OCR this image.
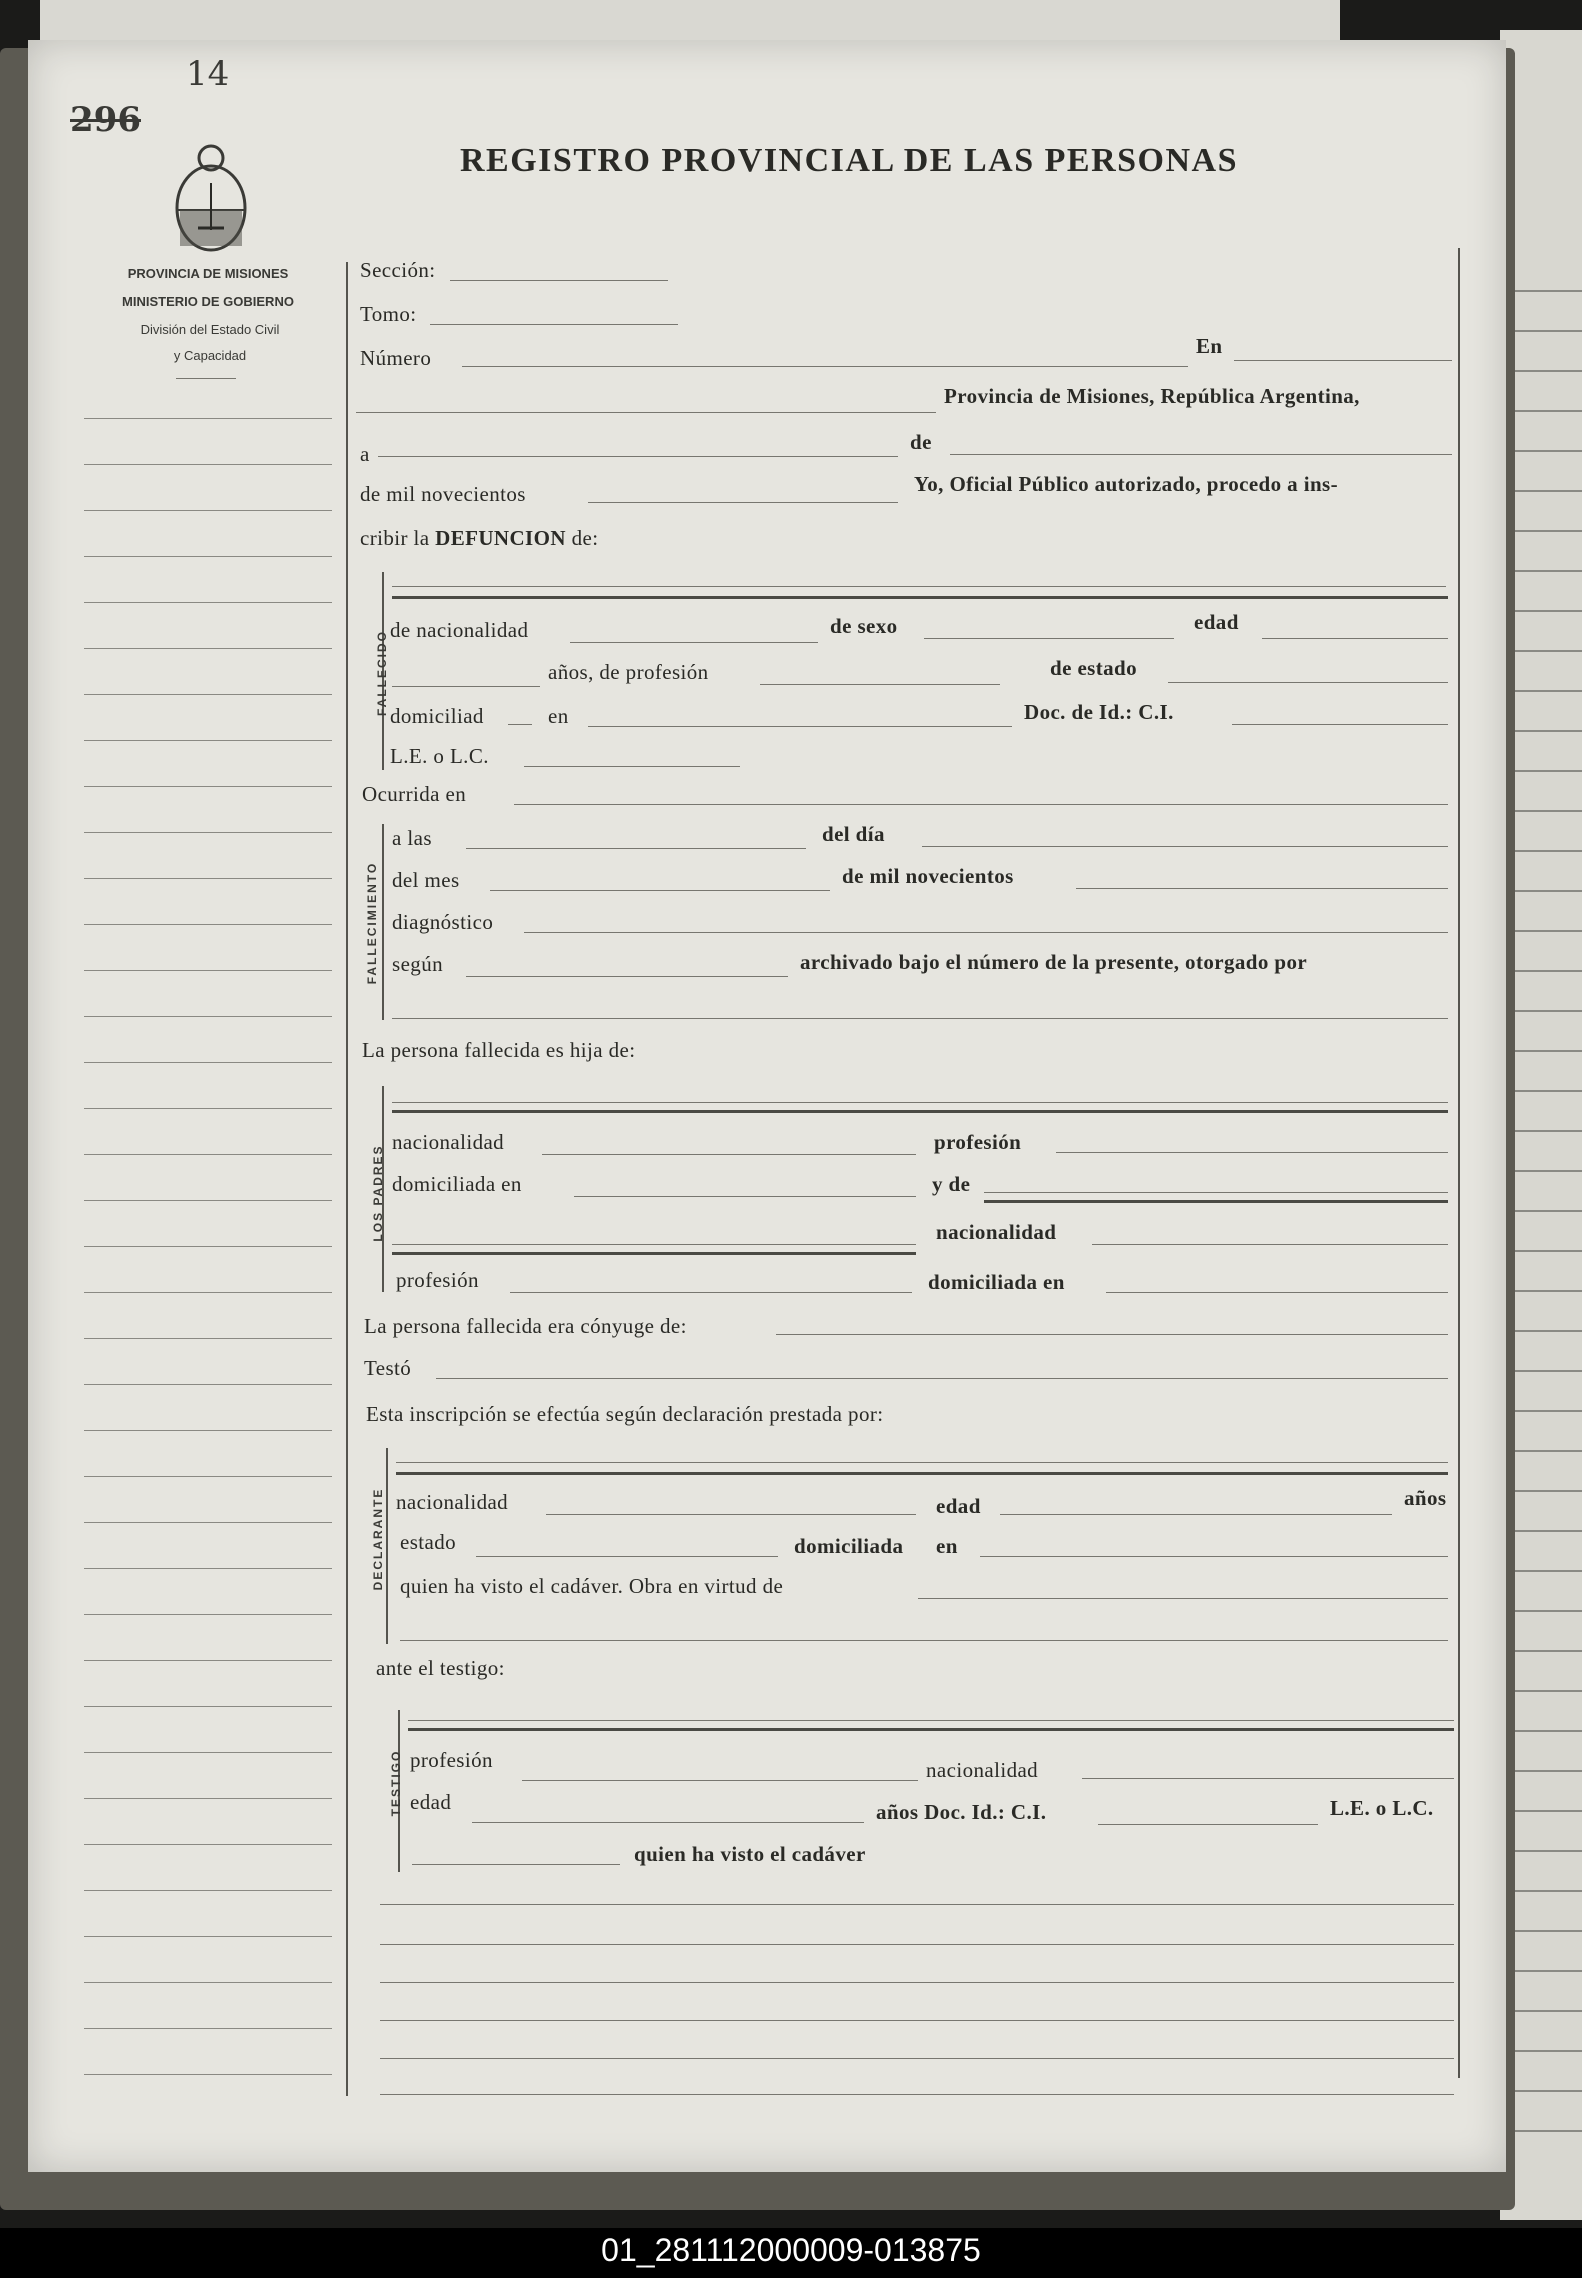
14
296
PROVINCIA DE MISIONES
MINISTERIO DE GOBIERNO
División del Estado Civil
y Capacidad
REGISTRO PROVINCIAL DE LAS PERSONAS
Sección:
Tomo:
Número	En
Provincia de Misiones, República Argentina,
a	de
de mil novecientos	Yo, Oficial Público autorizado, procedo a ins-
cribir la DEFUNCION de:
FALLECIDO de nacionalidad	de sexo	edad
años, de profesión	de estado
domiciliad	en	Doc. de Id.: C.I.
L.E. o L.C.
Ocurrida en
FALLECIMIENTO
a las	del día
del mes	de mil novecientos
diagnóstico
según	archivado bajo el número de la presente, otorgado por
La persona fallecida es hija de:
LOS PADRES
nacionalidad	profesión
domiciliada en	y de
nacionalidad
profesión	domiciliada en
La persona fallecida era cónyuge de:
Testó
Esta inscripción se efectúa según declaración prestada por:
DECLARANTE nacionalidad	edad	años
estado	domiciliada en
quien ha visto el cadáver. Obra en virtud de
ante el testigo:
TESTIGO profesión	nacionalidad
edad	años Doc. Id.: C.I.	L.E. o L.C.
quien ha visto el cadáver
01_281112000009-013875
